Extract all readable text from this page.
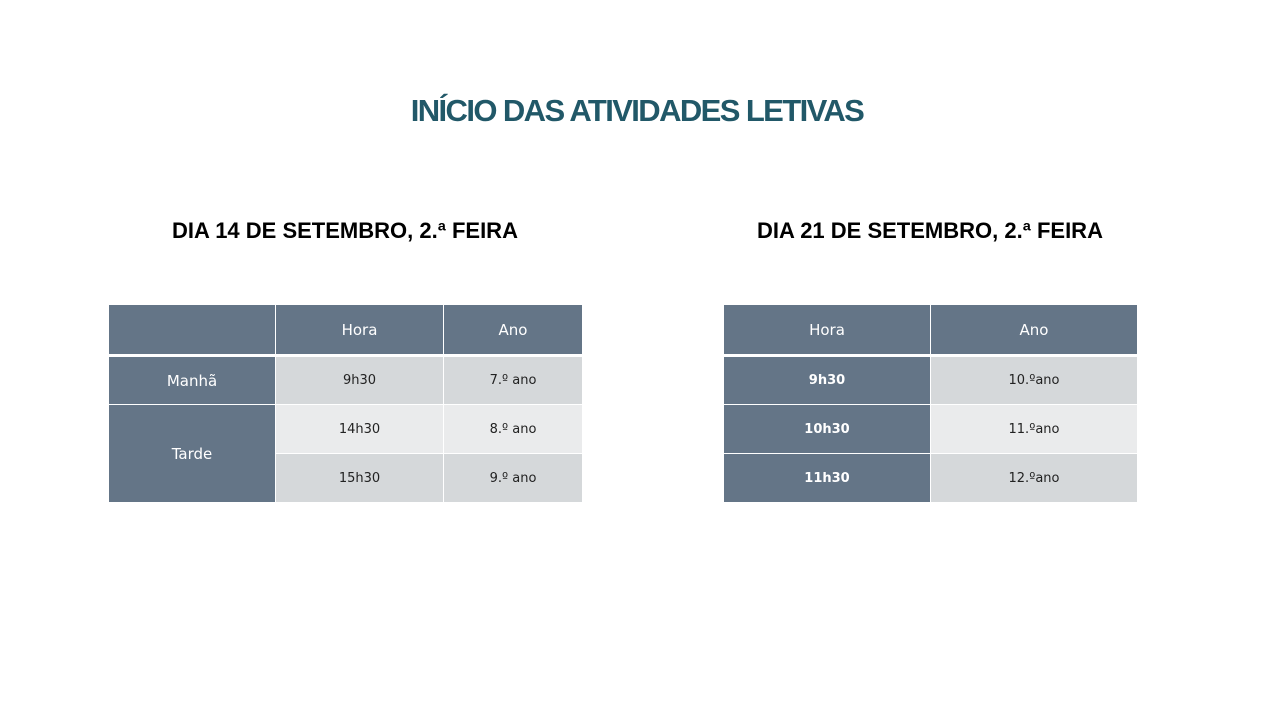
INÍCIO DAS ATIVIDADES LETIVAS
DIA 14 DE SETEMBRO, 2.ª FEIRA	DIA 21 DE SETEMBRO, 2.ª FEIRA
	Hora	Ano
Manhã	9h30	7.º ano
Tarde	14h30	8.º ano
	15h30	9.º ano
Hora	Ano
9h30	10.ºano
10h30	11.ºano
11h30	12.ºano
